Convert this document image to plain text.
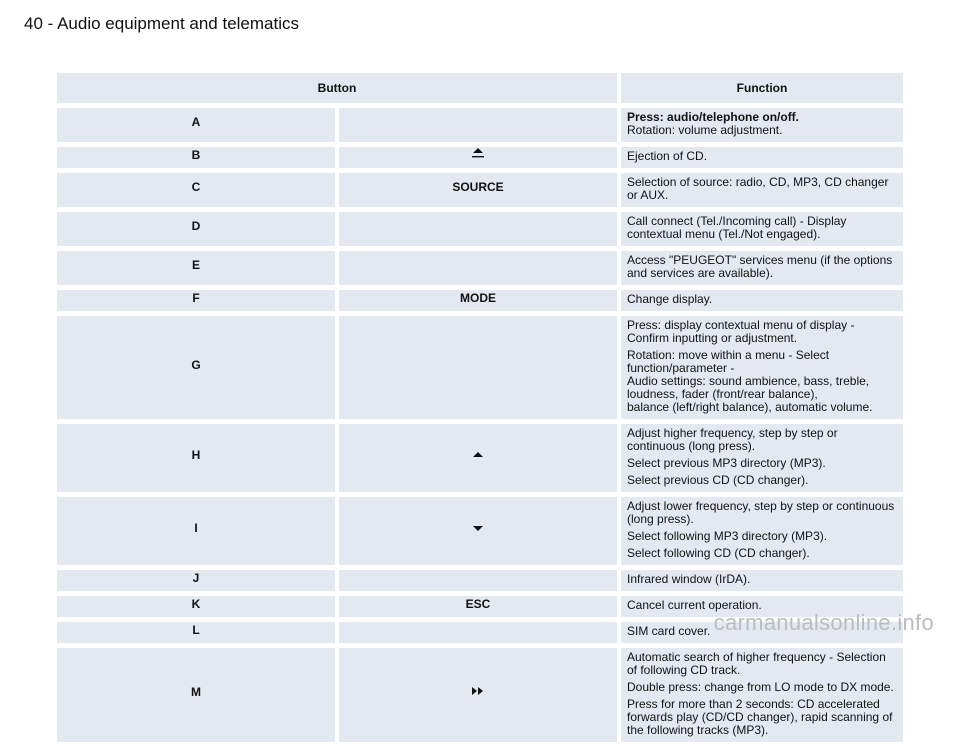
40 - Audio equipment and telematics
Button		Function
A		Press: audio/telephone on/off.
Rotation: volume adjustment.

B		Ejection of CD.

C	SOURCE	Selection of source: radio, CD, MP3, CD changer or AUX.

D		Call connect (Tel./Incoming call) - Display contextual menu (Tel./Not engaged).

E		Access "PEUGEOT" services menu (if the options and services are available).

F	MODE	Change display.

G		Press: display contextual menu of display - Confirm inputting or adjustment.
Rotation: move within a menu - Select function/parameter -
Audio settings: sound ambience, bass, treble, loudness, fader (front/rear balance),
balance (left/right balance), automatic volume.

H		Adjust higher frequency, step by step or continuous (long press).
Select previous MP3 directory (MP3).
Select previous CD (CD changer).

I		Adjust lower frequency, step by step or continuous (long press).
Select following MP3 directory (MP3).
Select following CD (CD changer).

J		Infrared window (IrDA).

K	ESC	Cancel current operation.

L		SIM card cover.

M		Automatic search of higher frequency - Selection of following CD track.
Double press: change from LO mode to DX mode.
Press for more than 2 seconds: CD accelerated forwards play (CD/CD changer), rapid scanning of
the following tracks (MP3).
carmanualsonline.info
